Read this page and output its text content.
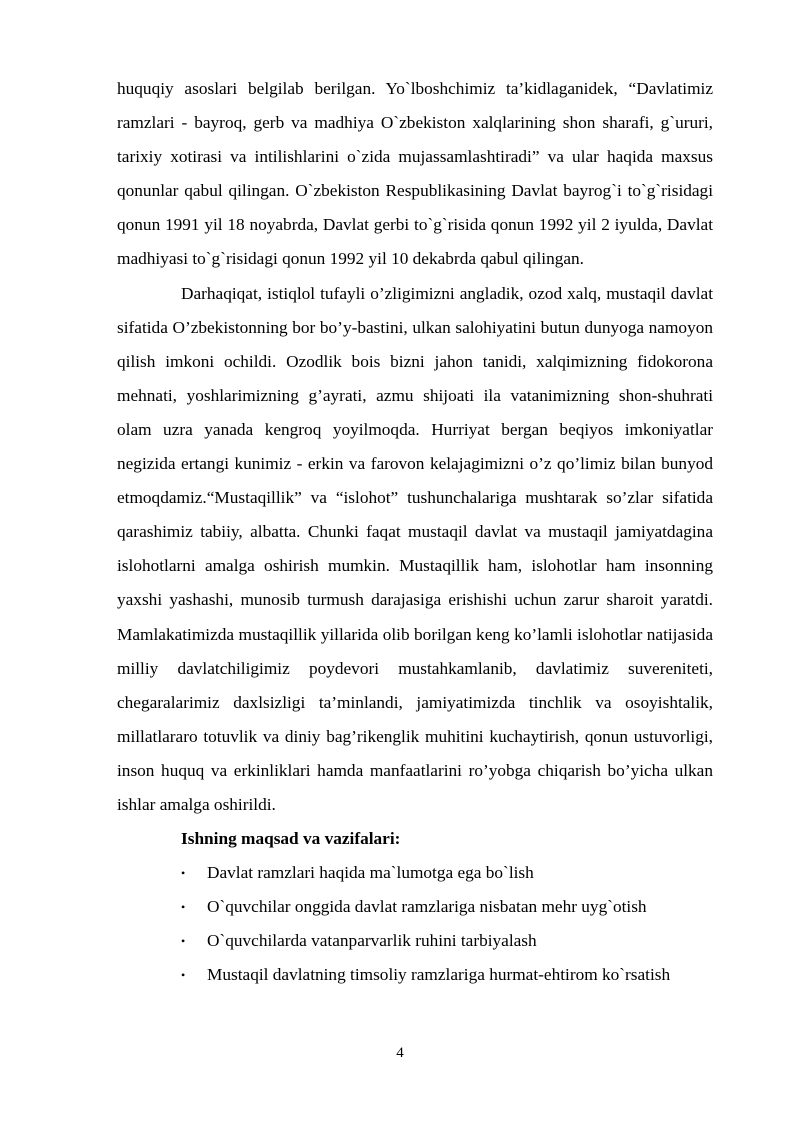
huquqiy asoslari belgilab berilgan. Yo`lboshchimiz ta’kidlaganidek, “Davlatimiz ramzlari - bayroq, gerb va madhiya O`zbekiston xalqlarining shon sharafi, g`ururi, tarixiy xotirasi va intilishlarini o`zida mujassamlashtiradi” va ular haqida maxsus qonunlar qabul qilingan. O`zbekiston Respublikasining Davlat bayrog`i to`g`risidagi qonun 1991 yil 18 noyabrda, Davlat gerbi to`g`risida qonun 1992 yil 2 iyulda, Davlat madhiyasi to`g`risidagi qonun 1992 yil 10 dekabrda qabul qilingan.

Darhaqiqat, istiqlol tufayli o’zligimizni angladik, ozod xalq, mustaqil davlat sifatida O’zbekistonning bor bo’y-bastini, ulkan salohiyatini butun dunyoga namoyon qilish imkoni ochildi. Ozodlik bois bizni jahon tanidi, xalqimizning fidokorona mehnati, yoshlarimizning g’ayrati, azmu shijoati ila vatanimizning shon-shuhrati olam uzra yanada kengroq yoyilmoqda. Hurriyat bergan beqiyos imkoniyatlar negizida ertangi kunimiz - erkin va farovon kelajagimizni o’z qo’limiz bilan bunyod etmoqdamiz.“Mustaqillik” va “islohot” tushunchalariga mushtarak so’zlar sifatida qarashimiz tabiiy, albatta. Chunki faqat mustaqil davlat va mustaqil jamiyatdagina islohotlarni amalga oshirish mumkin. Mustaqillik ham, islohotlar ham insonning yaxshi yashashi, munosib turmush darajasiga erishishi uchun zarur sharoit yaratdi. Mamlakatimizda mustaqillik yillarida olib borilgan keng ko’lamli islohotlar natijasida milliy davlatchiligimiz poydevori mustahkamlanib, davlatimiz suvereniteti, chegaralarimiz daxlsizligi ta’minlandi, jamiyatimizda tinchlik va osoyishtalik, millatlararo totuvlik va diniy bag’rikenglik muhitini kuchaytirish, qonun ustuvorligi, inson huquq va erkinliklari hamda manfaatlarini ro’yobga chiqarish bo’yicha ulkan ishlar amalga oshirildi.

Ishning maqsad va vazifalari:

• Davlat ramzlari haqida ma`lumotga ega bo`lish
• O`quvchilar onggida davlat ramzlariga nisbatan mehr uyg`otish
• O`quvchilarda vatanparvarlik ruhini tarbiyalash
• Mustaqil davlatning timsoliy ramzlariga hurmat-ehtirom ko`rsatish
4
